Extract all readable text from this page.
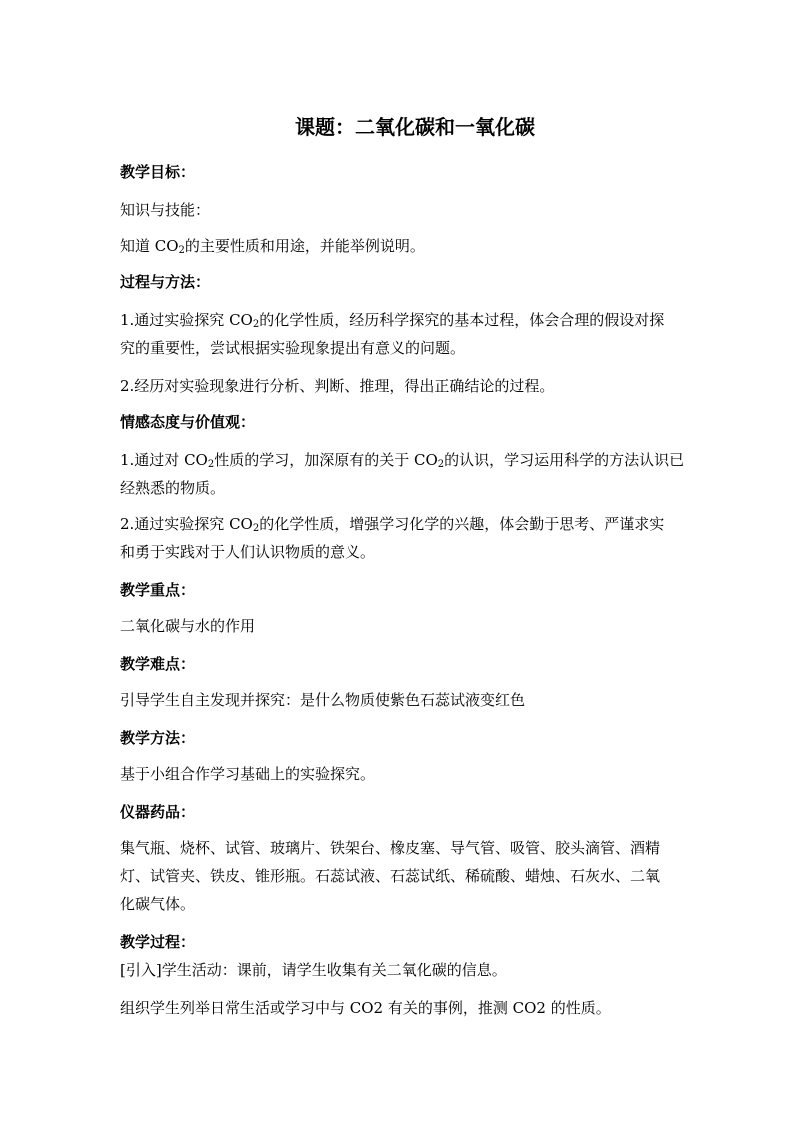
课题：二氧化碳和一氧化碳
教学目标：
知识与技能：
知道 $CO_2$的主要性质和用途，并能举例说明。
过程与方法：
1.通过实验探究 $CO_2$的化学性质，经历科学探究的基本过程，体会合理的假设对探
究的重要性，尝试根据实验现象提出有意义的问题。
2.经历对实验现象进行分析、判断、推理，得出正确结论的过程。
情感态度与价值观：
1.通过对 $CO_2$性质的学习，加深原有的关于 $CO_2$的认识，学习运用科学的方法认识已
经熟悉的物质。
2.通过实验探究 $CO_2$的化学性质，增强学习化学的兴趣，体会勤于思考、严谨求实
和勇于实践对于人们认识物质的意义。
教学重点：
二氧化碳与水的作用
教学难点：
引导学生自主发现并探究：是什么物质使紫色石蕊试液变红色
教学方法：
基于小组合作学习基础上的实验探究。
仪器药品：
集气瓶、烧杯、试管、玻璃片、铁架台、橡皮塞、导气管、吸管、胶头滴管、酒精
灯、试管夹、铁皮、锥形瓶。石蕊试液、石蕊试纸、稀硫酸、蜡烛、石灰水、二氧
化碳气体。
教学过程：
[引入]学生活动：课前，请学生收集有关二氧化碳的信息。
组织学生列举日常生活或学习中与 CO2 有关的事例，推测 CO2 的性质。
